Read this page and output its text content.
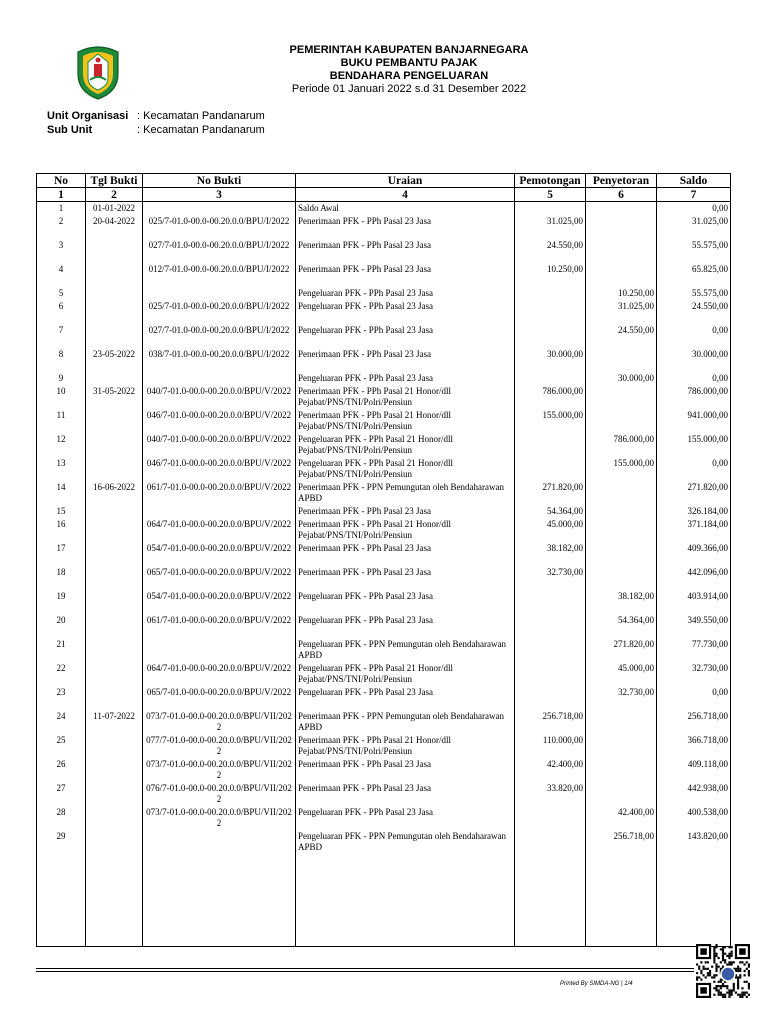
PEMERINTAH KABUPATEN BANJARNEGARA
BUKU PEMBANTU PAJAK
BENDAHARA PENGELUARAN
Periode 01 Januari 2022 s.d 31 Desember 2022
Unit Organisasi : Kecamatan Pandanarum
Sub Unit	: Kecamatan Pandanarum
No	Tgl Bukti	No Bukti	Uraian	Pemotongan	Penyetoran	Saldo
1	2	3	4	5	6	7
1	01-01-2022		Saldo Awal			0,00
2	20-04-2022	025/7-01.0-00.0-00.20.0.0/BPU/I/2022	Penerimaan PFK - PPh Pasal 23 Jasa	31.025,00		31.025,00
3		027/7-01.0-00.0-00.20.0.0/BPU/I/2022	Penerimaan PFK - PPh Pasal 23 Jasa	24.550,00		55.575,00
4		012/7-01.0-00.0-00.20.0.0/BPU/I/2022	Penerimaan PFK - PPh Pasal 23 Jasa	10.250,00		65.825,00
5			Pengeluaran PFK - PPh Pasal 23 Jasa		10.250,00	55.575,00
6		025/7-01.0-00.0-00.20.0.0/BPU/I/2022	Pengeluaran PFK - PPh Pasal 23 Jasa		31.025,00	24.550,00
7		027/7-01.0-00.0-00.20.0.0/BPU/I/2022	Pengeluaran PFK - PPh Pasal 23 Jasa		24.550,00	0,00
8	23-05-2022	038/7-01.0-00.0-00.20.0.0/BPU/I/2022	Penerimaan PFK - PPh Pasal 23 Jasa	30.000,00		30.000,00
9			Pengeluaran PFK - PPh Pasal 23 Jasa		30.000,00	0,00
10	31-05-2022	040/7-01.0-00.0-00.20.0.0/BPU/V/2022	Penerimaan PFK - PPh Pasal 21 Honor/dll Pejabat/PNS/TNI/Polri/Pensiun	786.000,00		786.000,00
11		046/7-01.0-00.0-00.20.0.0/BPU/V/2022	Penerimaan PFK - PPh Pasal 21 Honor/dll Pejabat/PNS/TNI/Polri/Pensiun	155.000,00		941.000,00
12		040/7-01.0-00.0-00.20.0.0/BPU/V/2022	Pengeluaran PFK - PPh Pasal 21 Honor/dll Pejabat/PNS/TNI/Polri/Pensiun		786.000,00	155.000,00
13		046/7-01.0-00.0-00.20.0.0/BPU/V/2022	Pengeluaran PFK - PPh Pasal 21 Honor/dll Pejabat/PNS/TNI/Polri/Pensiun		155.000,00	0,00
14	16-06-2022	061/7-01.0-00.0-00.20.0.0/BPU/V/2022	Penerimaan PFK - PPN Pemungutan oleh Bendaharawan APBD	271.820,00		271.820,00
15			Penerimaan PFK - PPh Pasal 23 Jasa	54.364,00		326.184,00
16		064/7-01.0-00.0-00.20.0.0/BPU/V/2022	Penerimaan PFK - PPh Pasal 21 Honor/dll Pejabat/PNS/TNI/Polri/Pensiun	45.000,00		371.184,00
17		054/7-01.0-00.0-00.20.0.0/BPU/V/2022	Penerimaan PFK - PPh Pasal 23 Jasa	38.182,00		409.366,00
18		065/7-01.0-00.0-00.20.0.0/BPU/V/2022	Penerimaan PFK - PPh Pasal 23 Jasa	32.730,00		442.096,00
19		054/7-01.0-00.0-00.20.0.0/BPU/V/2022	Pengeluaran PFK - PPh Pasal 23 Jasa		38.182,00	403.914,00
20		061/7-01.0-00.0-00.20.0.0/BPU/V/2022	Pengeluaran PFK - PPh Pasal 23 Jasa		54.364,00	349.550,00
21			Pengeluaran PFK - PPN Pemungutan oleh Bendaharawan APBD		271.820,00	77.730,00
22		064/7-01.0-00.0-00.20.0.0/BPU/V/2022	Pengeluaran PFK - PPh Pasal 21 Honor/dll Pejabat/PNS/TNI/Polri/Pensiun		45.000,00	32.730,00
23		065/7-01.0-00.0-00.20.0.0/BPU/V/2022	Pengeluaran PFK - PPh Pasal 23 Jasa		32.730,00	0,00
24	11-07-2022	073/7-01.0-00.0-00.20.0.0/BPU/VII/2022	Penerimaan PFK - PPN Pemungutan oleh Bendaharawan APBD	256.718,00		256.718,00
25		077/7-01.0-00.0-00.20.0.0/BPU/VII/2022	Penerimaan PFK - PPh Pasal 21 Honor/dll Pejabat/PNS/TNI/Polri/Pensiun	110.000,00		366.718,00
26		073/7-01.0-00.0-00.20.0.0/BPU/VII/2022	Penerimaan PFK - PPh Pasal 23 Jasa	42.400,00		409.118,00
27		076/7-01.0-00.0-00.20.0.0/BPU/VII/2022	Penerimaan PFK - PPh Pasal 23 Jasa	33.820,00		442.938,00
28		073/7-01.0-00.0-00.20.0.0/BPU/VII/2022	Pengeluaran PFK - PPh Pasal 23 Jasa		42.400,00	400.538,00
29			Pengeluaran PFK - PPN Pemungutan oleh Bendaharawan APBD		256.718,00	143.820,00

Printed By SIMDA-NG | 1/4
